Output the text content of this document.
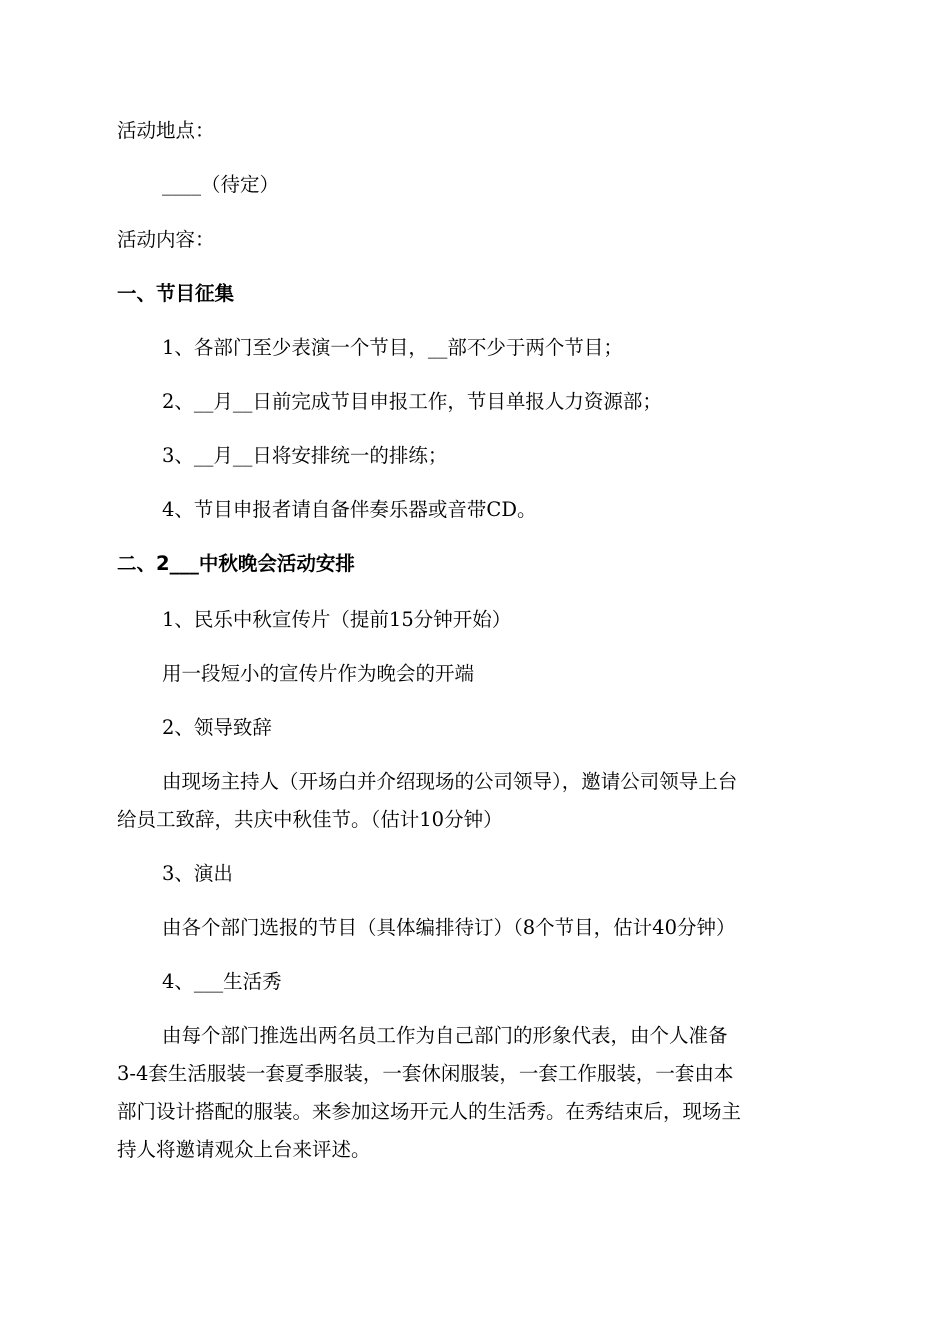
活动地点：
____（待定）
活动内容：
一、节目征集
1、各部门至少表演一个节目，__部不少于两个节目；
2、__月__日前完成节目申报工作，节目单报人力资源部；
3、__月__日将安排统一的排练；
4、节目申报者请自备伴奏乐器或音带CD。
二、2___中秋晚会活动安排
1、民乐中秋宣传片（提前15分钟开始）
用一段短小的宣传片作为晚会的开端
2、领导致辞
由现场主持人（开场白并介绍现场的公司领导），邀请公司领导上台
给员工致辞，共庆中秋佳节。（估计10分钟）
3、演出
由各个部门选报的节目（具体编排待订）（8个节目，估计40分钟）
4、___生活秀
由每个部门推选出两名员工作为自己部门的形象代表，由个人准备
3-4套生活服装一套夏季服装，一套休闲服装，一套工作服装，一套由本
部门设计搭配的服装。来参加这场开元人的生活秀。在秀结束后，现场主
持人将邀请观众上台来评述。
